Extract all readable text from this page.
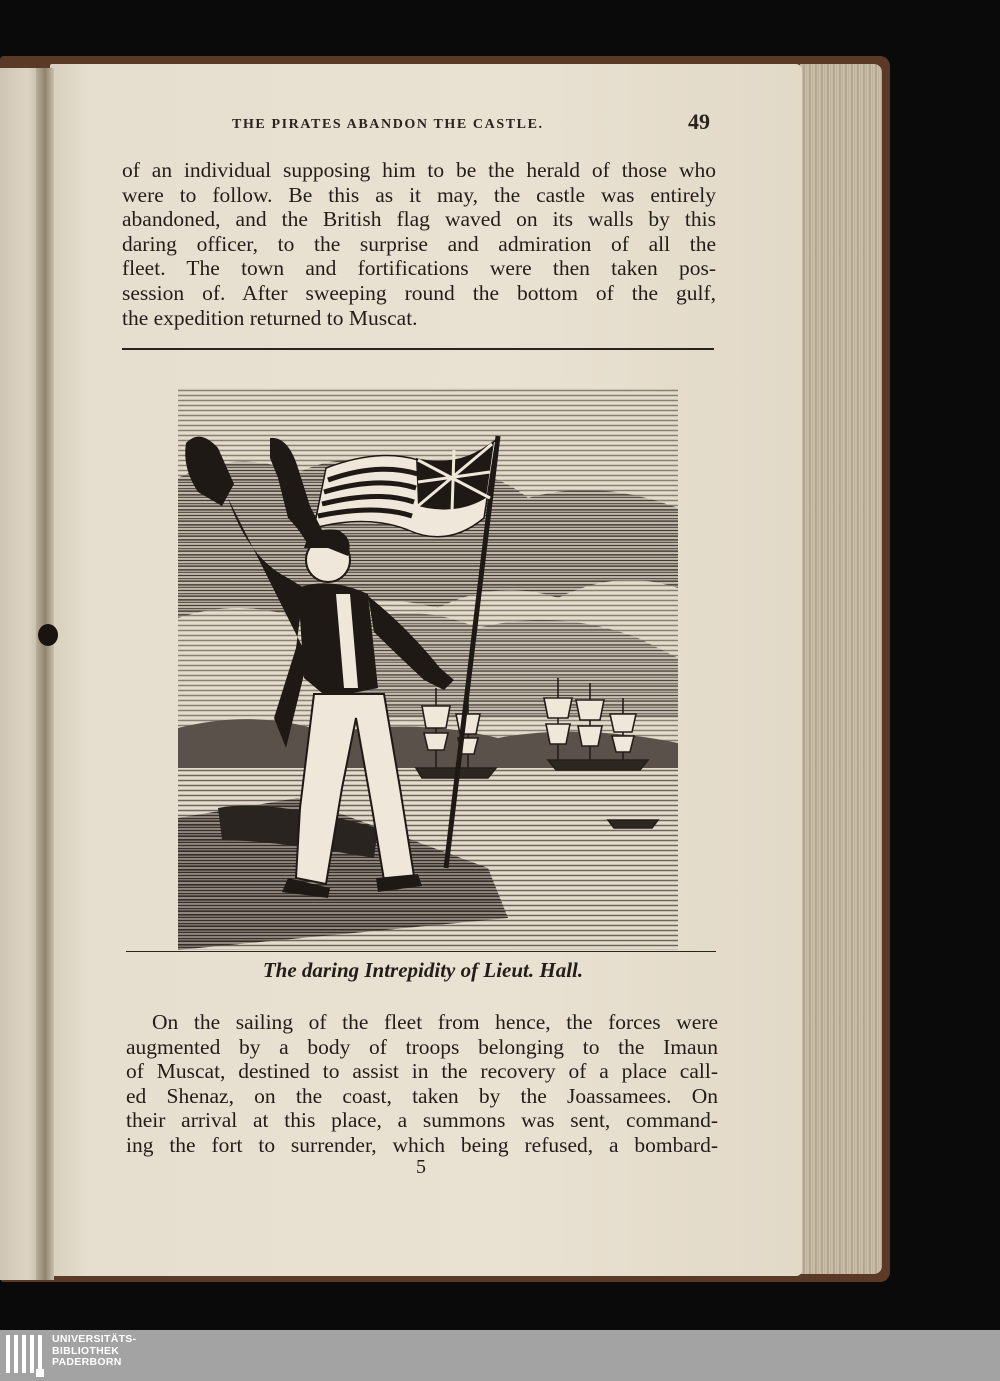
THE PIRATES ABANDON THE CASTLE.	49
of an individual supposing him to be the herald of those who
were to follow. Be this as it may, the castle was entirely
abandoned, and the British flag waved on its walls by this
daring officer, to the surprise and admiration of all the
fleet. The town and fortifications were then taken pos-
session of. After sweeping round the bottom of the gulf,
the expedition returned to Muscat.
The daring Intrepidity of Lieut. Hall.
On the sailing of the fleet from hence, the forces were
augmented by a body of troops belonging to the Imaun
of Muscat, destined to assist in the recovery of a place call-
ed Shenaz, on the coast, taken by the Joassamees. On
their arrival at this place, a summons was sent, command-
ing the fort to surrender, which being refused, a bombard-
5
UNIVERSITÄTS-
BIBLIOTHEK
PADERBORN
